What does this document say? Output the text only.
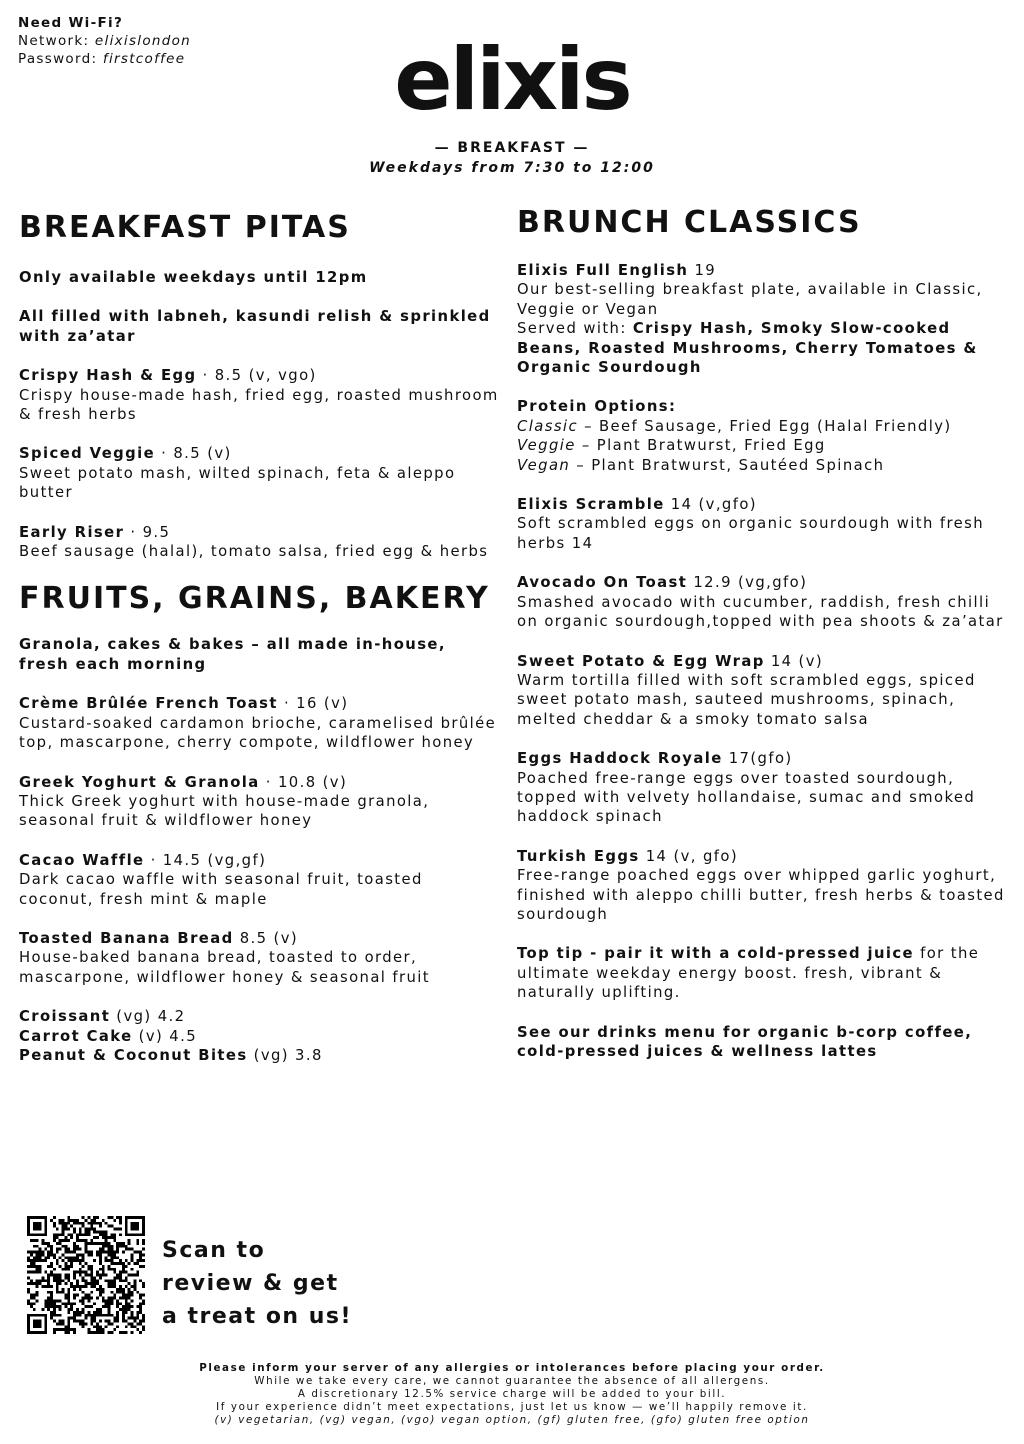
Need Wi-Fi?
Network: elixislondon
Password: firstcoffee	elixis
— BREAKFAST —
Weekdays from 7:30 to 12:00
BREAKFAST PITAS

Only available weekdays until 12pm

All filled with labneh, kasundi relish & sprinkled with za’atar

Crispy Hash & Egg · 8.5 (v, vgo)

Crispy house-made hash, fried egg, roasted mushroom & fresh herbs

Spiced Veggie · 8.5 (v)

Sweet potato mash, wilted spinach, feta & aleppo butter

Early Riser · 9.5

Beef sausage (halal), tomato salsa, fried egg & herbs

FRUITS, GRAINS, BAKERY

Granola, cakes & bakes – all made in-house, fresh each morning

Crème Brûlée French Toast · 16 (v)

Custard-soaked cardamon brioche, caramelised brûlée top, mascarpone, cherry compote, wildflower honey

Greek Yoghurt & Granola · 10.8 (v)

Thick Greek yoghurt with house-made granola, seasonal fruit & wildflower honey

Cacao Waffle · 14.5 (vg,gf)

Dark cacao waffle with seasonal fruit, toasted coconut, fresh mint & maple

Toasted Banana Bread 8.5 (v)

House-baked banana bread, toasted to order, mascarpone, wildflower honey & seasonal fruit

Croissant (vg) 4.2

Carrot Cake (v) 4.5

Peanut & Coconut Bites (vg) 3.8

BRUNCH CLASSICS

Elixis Full English 19

Our best-selling breakfast plate, available in Classic, Veggie or Vegan

Served with: Crispy Hash, Smoky Slow-cooked Beans, Roasted Mushrooms, Cherry Tomatoes & Organic Sourdough

Protein Options:

Classic – Beef Sausage, Fried Egg (Halal Friendly)

Veggie – Plant Bratwurst, Fried Egg

Vegan – Plant Bratwurst, Sautéed Spinach

Elixis Scramble 14 (v,gfo)

Soft scrambled eggs on organic sourdough with fresh herbs 14

Avocado On Toast 12.9 (vg,gfo)

Smashed avocado with cucumber, raddish, fresh chilli on organic sourdough,topped with pea shoots & za’atar

Sweet Potato & Egg Wrap 14 (v)

Warm tortilla filled with soft scrambled eggs, spiced sweet potato mash, sauteed mushrooms, spinach, melted cheddar & a smoky tomato salsa

Eggs Haddock Royale 17(gfo)

Poached free-range eggs over toasted sourdough, topped with velvety hollandaise, sumac and smoked haddock spinach

Turkish Eggs 14 (v, gfo)

Free-range poached eggs over whipped garlic yoghurt, finished with aleppo chilli butter, fresh herbs & toasted sourdough

Top tip - pair it with a cold-pressed juice for the ultimate weekday energy boost. fresh, vibrant & naturally uplifting.

See our drinks menu for organic b-corp coffee, cold-pressed juices & wellness lattes

Scan to
review & get
a treat on us!
Please inform your server of any allergies or intolerances before placing your order.
While we take every care, we cannot guarantee the absence of all allergens.
A discretionary 12.5% service charge will be added to your bill.
If your experience didn’t meet expectations, just let us know — we’ll happily remove it.
(v) vegetarian, (vg) vegan, (vgo) vegan option, (gf) gluten free, (gfo) gluten free option
